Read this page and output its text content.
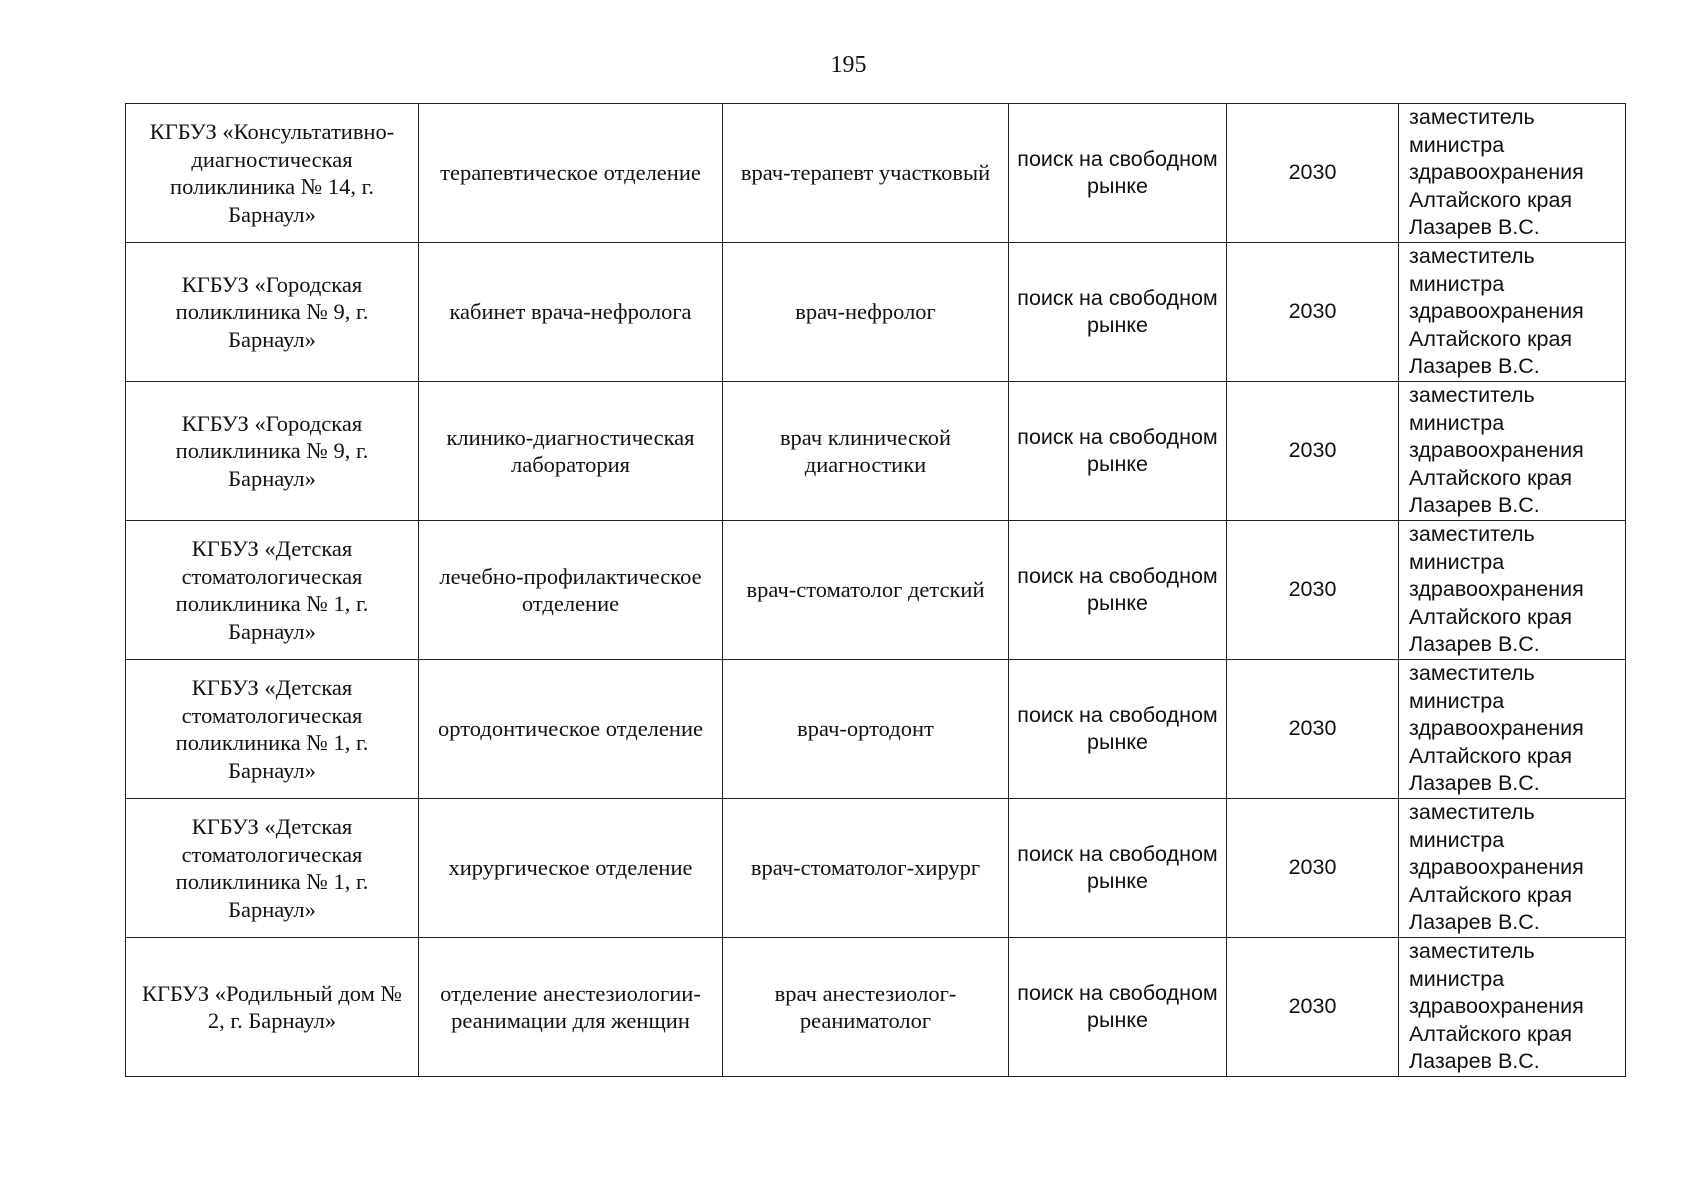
195
КГБУЗ «Консультативно-диагностическая поликлиника № 14, г. Барнаул»	терапевтическое отделение	врач-терапевт участковый	поиск на свободном рынке	2030	заместитель
министра
здравоохранения
Алтайского края
Лазарев В.С.

КГБУЗ «Городская поликлиника № 9, г. Барнаул»	кабинет врача-нефролога	врач-нефролог	поиск на свободном рынке	2030	заместитель
министра
здравоохранения
Алтайского края
Лазарев В.С.

КГБУЗ «Городская поликлиника № 9, г. Барнаул»	клинико-диагностическая лаборатория	врач клинической диагностики	поиск на свободном рынке	2030	заместитель
министра
здравоохранения
Алтайского края
Лазарев В.С.

КГБУЗ «Детская стоматологическая поликлиника № 1, г. Барнаул»	лечебно-профилактическое отделение	врач-стоматолог детский	поиск на свободном рынке	2030	заместитель
министра
здравоохранения
Алтайского края
Лазарев В.С.

КГБУЗ «Детская стоматологическая поликлиника № 1, г. Барнаул»	ортодонтическое отделение	врач-ортодонт	поиск на свободном рынке	2030	заместитель
министра
здравоохранения
Алтайского края
Лазарев В.С.

КГБУЗ «Детская стоматологическая поликлиника № 1, г. Барнаул»	хирургическое отделение	врач-стоматолог-хирург	поиск на свободном рынке	2030	заместитель
министра
здравоохранения
Алтайского края
Лазарев В.С.

КГБУЗ «Родильный дом № 2, г. Барнаул»	отделение анестезиологии-реанимации для женщин	врач анестезиолог-реаниматолог	поиск на свободном рынке	2030	заместитель
министра
здравоохранения
Алтайского края
Лазарев В.С.
